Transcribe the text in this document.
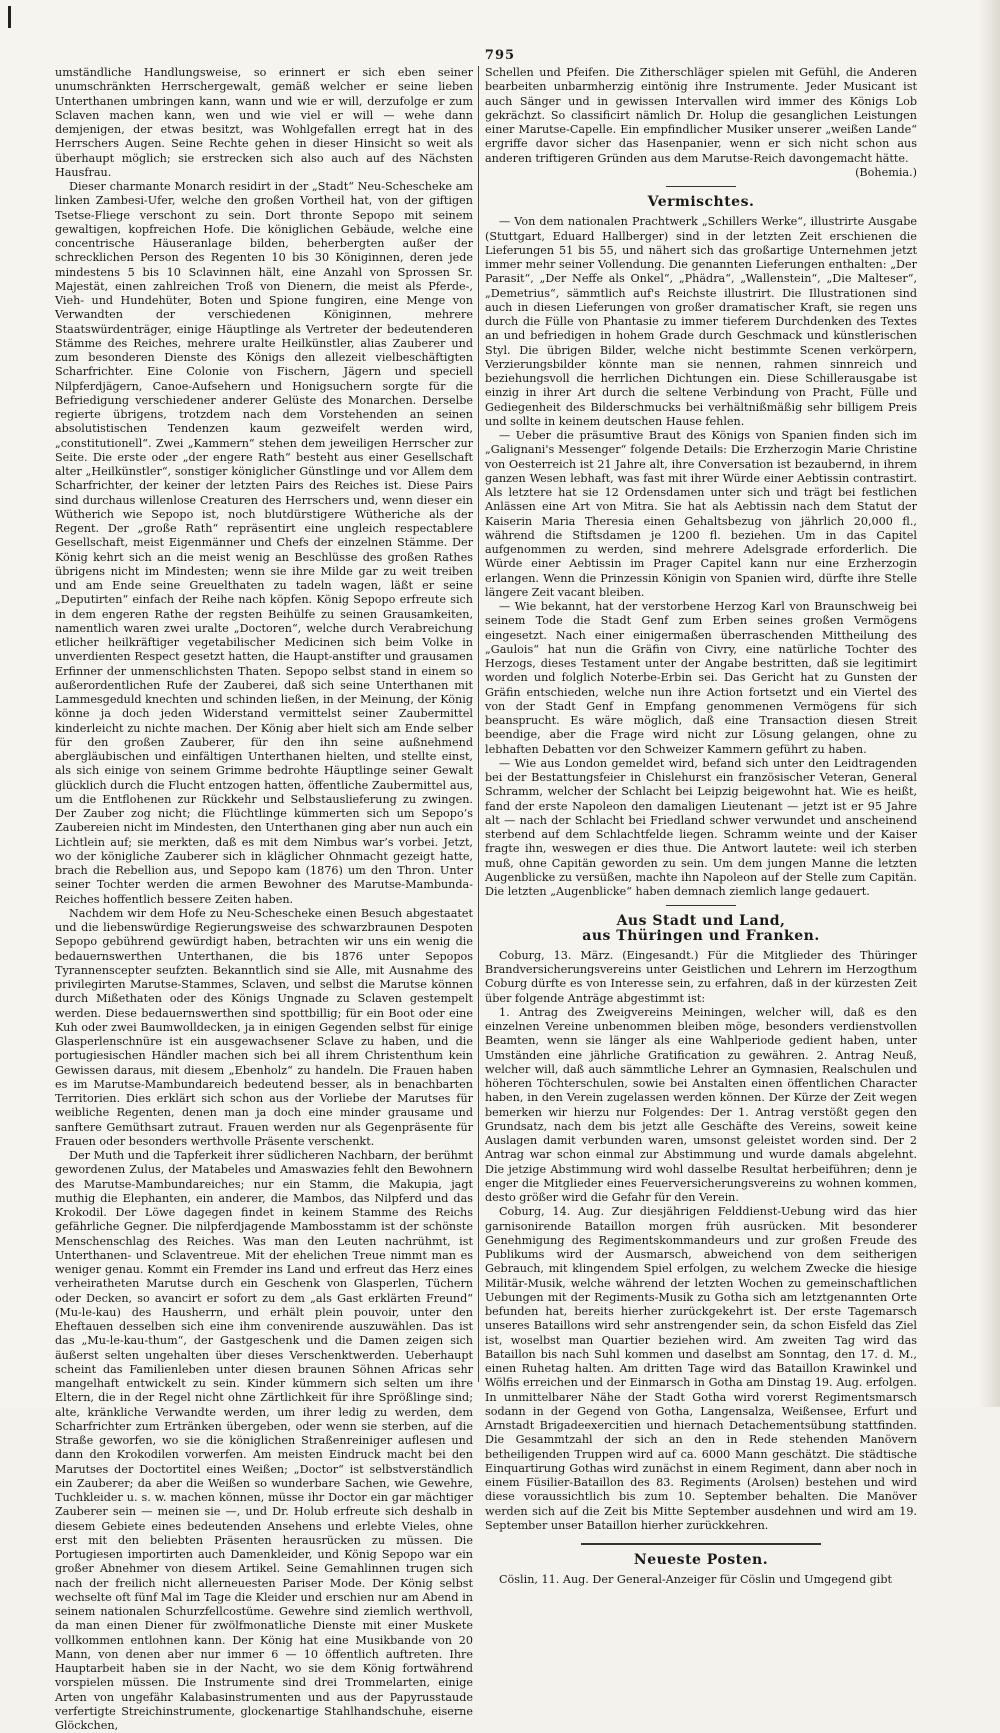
795

umständliche Handlungsweise, so erinnert er sich eben seiner unumschränkten Herrschergewalt, gemäß welcher er seine lieben Unterthanen umbringen kann, wann und wie er will, derzufolge er zum Sclaven machen kann, wen und wie viel er will — wehe dann demjenigen, der etwas besitzt, was Wohlgefallen erregt hat in des Herrschers Augen. Seine Rechte gehen in dieser Hinsicht so weit als überhaupt möglich; sie erstrecken sich also auch auf des Nächsten Hausfrau.

Dieser charmante Monarch residirt in der „Stadt“ Neu-Schescheke am linken Zambesi-Ufer, welche den großen Vortheil hat, von der giftigen Tsetse-Fliege verschont zu sein. Dort thronte Sepopo mit seinem gewaltigen, kopfreichen Hofe. Die königlichen Gebäude, welche eine concentrische Häuseranlage bilden, beherbergten außer der schrecklichen Person des Regenten 10 bis 30 Königinnen, deren jede mindestens 5 bis 10 Sclavinnen hält, eine Anzahl von Sprossen Sr. Majestät, einen zahlreichen Troß von Dienern, die meist als Pferde-, Vieh- und Hundehüter, Boten und Spione fungiren, eine Menge von Verwandten der verschiedenen Königinnen, mehrere Staatswürdenträger, einige Häuptlinge als Vertreter der bedeutenderen Stämme des Reiches, mehrere uralte Heilkünstler, alias Zauberer und zum besonderen Dienste des Königs den allezeit vielbeschäftigten Scharfrichter. Eine Colonie von Fischern, Jägern und speciell Nilpferdjägern, Canoe-Aufsehern und Honigsuchern sorgte für die Befriedigung verschiedener anderer Gelüste des Monarchen. Derselbe regierte übrigens, trotzdem nach dem Vorstehenden an seinen absolutistischen Tendenzen kaum gezweifelt werden wird, „constitutionell“. Zwei „Kammern“ stehen dem jeweiligen Herrscher zur Seite. Die erste oder „der engere Rath“ besteht aus einer Gesellschaft alter „Heilkünstler“, sonstiger königlicher Günstlinge und vor Allem dem Scharfrichter, der keiner der letzten Pairs des Reiches ist. Diese Pairs sind durchaus willenlose Creaturen des Herrschers und, wenn dieser ein Wütherich wie Sepopo ist, noch blutdürstigere Wütheriche als der Regent. Der „große Rath“ repräsentirt eine ungleich respectablere Gesellschaft, meist Eigenmänner und Chefs der einzelnen Stämme. Der König kehrt sich an die meist wenig an Beschlüsse des großen Rathes übrigens nicht im Mindesten; wenn sie ihre Milde gar zu weit treiben und am Ende seine Greuelthaten zu tadeln wagen, läßt er seine „Deputirten“ einfach der Reihe nach köpfen. König Sepopo erfreute sich in dem engeren Rathe der regsten Beihülfe zu seinen Grausamkeiten, namentlich waren zwei uralte „Doctoren“, welche durch Verabreichung etlicher heilkräftiger vegetabilischer Medicinen sich beim Volke in unverdienten Respect gesetzt hatten, die Haupt-anstifter und grausamen Erfinner der unmenschlichsten Thaten. Sepopo selbst stand in einem so außerordentlichen Rufe der Zauberei, daß sich seine Unterthanen mit Lammesgeduld knechten und schinden ließen, in der Meinung, der König könne ja doch jeden Widerstand vermittelst seiner Zaubermittel kinderleicht zu nichte machen. Der König aber hielt sich am Ende selber für den großen Zauberer, für den ihn seine außnehmend abergläubischen und einfältigen Unterthanen hielten, und stellte einst, als sich einige von seinem Grimme bedrohte Häuptlinge seiner Gewalt glücklich durch die Flucht entzogen hatten, öffentliche Zaubermittel aus, um die Entflohenen zur Rückkehr und Selbstauslieferung zu zwingen. Der Zauber zog nicht; die Flüchtlinge kümmerten sich um Sepopo’s Zaubereien nicht im Mindesten, den Unterthanen ging aber nun auch ein Lichtlein auf; sie merkten, daß es mit dem Nimbus war’s vorbei. Jetzt, wo der königliche Zauberer sich in kläglicher Ohnmacht gezeigt hatte, brach die Rebellion aus, und Sepopo kam (1876) um den Thron. Unter seiner Tochter werden die armen Bewohner des Marutse-Mambunda-Reiches hoffentlich bessere Zeiten haben.

Nachdem wir dem Hofe zu Neu-Schescheke einen Besuch abgestaatet und die liebenswürdige Regierungsweise des schwarzbraunen Despoten Sepopo gebührend gewürdigt haben, betrachten wir uns ein wenig die bedauernswerthen Unterthanen, die bis 1876 unter Sepopos Tyrannenscepter seufzten. Bekanntlich sind sie Alle, mit Ausnahme des privilegirten Marutse-Stammes, Sclaven, und selbst die Marutse können durch Mißethaten oder des Königs Ungnade zu Sclaven gestempelt werden. Diese bedauernswerthen sind spottbillig; für ein Boot oder eine Kuh oder zwei Baumwolldecken, ja in einigen Gegenden selbst für einige Glasperlenschnüre ist ein ausgewachsener Sclave zu haben, und die portugiesischen Händler machen sich bei all ihrem Christenthum kein Gewissen daraus, mit diesem „Ebenholz“ zu handeln. Die Frauen haben es im Marutse-Mambundareich bedeutend besser, als in benachbarten Territorien. Dies erklärt sich schon aus der Vorliebe der Marutses für weibliche Regenten, denen man ja doch eine minder grausame und sanftere Gemüthsart zutraut. Frauen werden nur als Gegenpräsente für Frauen oder besonders werthvolle Präsente verschenkt.

Der Muth und die Tapferkeit ihrer südlicheren Nachbarn, der berühmt gewordenen Zulus, der Matabeles und Amaswazies fehlt den Bewohnern des Marutse-Mambundareiches; nur ein Stamm, die Makupia, jagt muthig die Elephanten, ein anderer, die Mambos, das Nilpferd und das Krokodil. Der Löwe dagegen findet in keinem Stamme des Reichs gefährliche Gegner. Die nilpferdjagende Mambosstamm ist der schönste Menschenschlag des Reiches. Was man den Leuten nachrühmt, ist Unterthanen- und Sclaventreue. Mit der ehelichen Treue nimmt man es weniger genau. Kommt ein Fremder ins Land und erfreut das Herz eines verheiratheten Marutse durch ein Geschenk von Glasperlen, Tüchern oder Decken, so avancirt er sofort zu dem „als Gast erklärten Freund“ (Mu-le-kau) des Hausherrn, und erhält plein pouvoir, unter den Eheftauen desselben sich eine ihm convenirende auszuwählen. Das ist das „Mu-le-kau-thum“, der Gastgeschenk und die Damen zeigen sich äußerst selten ungehalten über dieses Verschenktwerden. Ueberhaupt scheint das Familienleben unter diesen braunen Söhnen Africas sehr mangelhaft entwickelt zu sein. Kinder kümmern sich selten um ihre Eltern, die in der Regel nicht ohne Zärtlichkeit für ihre Sprößlinge sind; alte, kränkliche Verwandte werden, um ihrer ledig zu werden, dem Scharfrichter zum Ertränken übergeben, oder wenn sie sterben, auf die Straße geworfen, wo sie die königlichen Straßenreiniger auflesen und dann den Krokodilen vorwerfen. Am meisten Eindruck macht bei den Marutses der Doctortitel eines Weißen; „Doctor“ ist selbstverständlich ein Zauberer; da aber die Weißen so wunderbare Sachen, wie Gewehre, Tuchkleider u. s. w. machen können, müsse ihr Doctor ein gar mächtiger Zauberer sein — meinen sie —, und Dr. Holub erfreute sich deshalb in diesem Gebiete eines bedeutenden Ansehens und erlebte Vieles, ohne erst mit den beliebten Präsenten herausrücken zu müssen. Die Portugiesen importirten auch Damenkleider, und König Sepopo war ein großer Abnehmer von diesem Artikel. Seine Gemahlinnen trugen sich nach der freilich nicht allerneuesten Pariser Mode. Der König selbst wechselte oft fünf Mal im Tage die Kleider und erschien nur am Abend in seinem nationalen Schurzfellcostüme. Gewehre sind ziemlich werthvoll, da man einen Diener für zwölfmonatliche Dienste mit einer Muskete vollkommen entlohnen kann. Der König hat eine Musikbande von 20 Mann, von denen aber nur immer 6 — 10 öffentlich auftreten. Ihre Hauptarbeit haben sie in der Nacht, wo sie dem König fortwährend vorspielen müssen. Die Instrumente sind drei Trommelarten, einige Arten von ungefähr Kalabasinstrumenten und aus der Papyrusstaude verfertigte Streichinstrumente, glockenartige Stahlhandschuhe, eiserne Glöckchen,

Schellen und Pfeifen. Die Zitherschläger spielen mit Gefühl, die Anderen bearbeiten unbarmherzig eintönig ihre Instrumente. Jeder Musicant ist auch Sänger und in gewissen Intervallen wird immer des Königs Lob gekrächzt. So classificirt nämlich Dr. Holup die gesanglichen Leistungen einer Marutse-Capelle. Ein empfindlicher Musiker unserer „weißen Lande“ ergriffe davor sicher das Hasenpanier, wenn er sich nicht schon aus anderen triftigeren Gründen aus dem Marutse-Reich davongemacht hätte.

(Bohemia.)
Vermischtes.

— Von dem nationalen Prachtwerk „Schillers Werke“, illustrirte Ausgabe (Stuttgart, Eduard Hallberger) sind in der letzten Zeit erschienen die Lieferungen 51 bis 55, und nähert sich das großartige Unternehmen jetzt immer mehr seiner Vollendung. Die genannten Lieferungen enthalten: „Der Parasit“, „Der Neffe als Onkel“, „Phädra“, „Wallenstein“, „Die Malteser“, „Demetrius“, sämmtlich auf's Reichste illustrirt. Die Illustrationen sind auch in diesen Lieferungen von großer dramatischer Kraft, sie regen uns durch die Fülle von Phantasie zu immer tieferem Durchdenken des Textes an und befriedigen in hohem Grade durch Geschmack und künstlerischen Styl. Die übrigen Bilder, welche nicht bestimmte Scenen verkörpern, Verzierungsbilder könnte man sie nennen, rahmen sinnreich und beziehungsvoll die herrlichen Dichtungen ein. Diese Schillerausgabe ist einzig in ihrer Art durch die seltene Verbindung von Pracht, Fülle und Gediegenheit des Bilderschmucks bei verhältnißmäßig sehr billigem Preis und sollte in keinem deutschen Hause fehlen.

— Ueber die präsumtive Braut des Königs von Spanien finden sich im „Galignani's Messenger“ folgende Details: Die Erzherzogin Marie Christine von Oesterreich ist 21 Jahre alt, ihre Conversation ist bezaubernd, in ihrem ganzen Wesen lebhaft, was fast mit ihrer Würde einer Aebtissin contrastirt. Als letztere hat sie 12 Ordensdamen unter sich und trägt bei festlichen Anlässen eine Art von Mitra. Sie hat als Aebtissin nach dem Statut der Kaiserin Maria Theresia einen Gehaltsbezug von jährlich 20,000 fl., während die Stiftsdamen je 1200 fl. beziehen. Um in das Capitel aufgenommen zu werden, sind mehrere Adelsgrade erforderlich. Die Würde einer Aebtissin im Prager Capitel kann nur eine Erzherzogin erlangen. Wenn die Prinzessin Königin von Spanien wird, dürfte ihre Stelle längere Zeit vacant bleiben.

— Wie bekannt, hat der verstorbene Herzog Karl von Braunschweig bei seinem Tode die Stadt Genf zum Erben seines großen Vermögens eingesetzt. Nach einer einigermaßen überraschenden Mittheilung des „Gaulois“ hat nun die Gräfin von Civry, eine natürliche Tochter des Herzogs, dieses Testament unter der Angabe bestritten, daß sie legitimirt worden und folglich Noterbe-Erbin sei. Das Gericht hat zu Gunsten der Gräfin entschieden, welche nun ihre Action fortsetzt und ein Viertel des von der Stadt Genf in Empfang genommenen Vermögens für sich beansprucht. Es wäre möglich, daß eine Transaction diesen Streit beendige, aber die Frage wird nicht zur Lösung gelangen, ohne zu lebhaften Debatten vor den Schweizer Kammern geführt zu haben.

— Wie aus London gemeldet wird, befand sich unter den Leidtragenden bei der Bestattungsfeier in Chislehurst ein französischer Veteran, General Schramm, welcher der Schlacht bei Leipzig beigewohnt hat. Wie es heißt, fand der erste Napoleon den damaligen Lieutenant — jetzt ist er 95 Jahre alt — nach der Schlacht bei Friedland schwer verwundet und anscheinend sterbend auf dem Schlachtfelde liegen. Schramm weinte und der Kaiser fragte ihn, weswegen er dies thue. Die Antwort lautete: weil ich sterben muß, ohne Capitän geworden zu sein. Um dem jungen Manne die letzten Augenblicke zu versüßen, machte ihn Napoleon auf der Stelle zum Capitän. Die letzten „Augenblicke“ haben demnach ziemlich lange gedauert.

Aus Stadt und Land,
aus Thüringen und Franken.

Coburg, 13. März. (Eingesandt.) Für die Mitglieder des Thüringer Brandversicherungsvereins unter Geistlichen und Lehrern im Herzogthum Coburg dürfte es von Interesse sein, zu erfahren, daß in der kürzesten Zeit über folgende Anträge abgestimmt ist:

1. Antrag des Zweigvereins Meiningen, welcher will, daß es den einzelnen Vereine unbenommen bleiben möge, besonders verdienstvollen Beamten, wenn sie länger als eine Wahlperiode gedient haben, unter Umständen eine jährliche Gratification zu gewähren. 2. Antrag Neuß, welcher will, daß auch sämmtliche Lehrer an Gymnasien, Realschulen und höheren Töchterschulen, sowie bei Anstalten einen öffentlichen Character haben, in den Verein zugelassen werden können. Der Kürze der Zeit wegen bemerken wir hierzu nur Folgendes: Der 1. Antrag verstößt gegen den Grundsatz, nach dem bis jetzt alle Geschäfte des Vereins, soweit keine Auslagen damit verbunden waren, umsonst geleistet worden sind. Der 2 Antrag war schon einmal zur Abstimmung und wurde damals abgelehnt. Die jetzige Abstimmung wird wohl dasselbe Resultat herbeiführen; denn je enger die Mitglieder eines Feuerversicherungsvereins zu wohnen kommen, desto größer wird die Gefahr für den Verein.

Coburg, 14. Aug. Zur diesjährigen Felddienst-Uebung wird das hier garnisonirende Bataillon morgen früh ausrücken. Mit besonderer Genehmigung des Regimentskommandeurs und zur großen Freude des Publikums wird der Ausmarsch, abweichend von dem seitherigen Gebrauch, mit klingendem Spiel erfolgen, zu welchem Zwecke die hiesige Militär-Musik, welche während der letzten Wochen zu gemeinschaftlichen Uebungen mit der Regiments-Musik zu Gotha sich am letztgenannten Orte befunden hat, bereits hierher zurückgekehrt ist. Der erste Tagemarsch unseres Bataillons wird sehr anstrengender sein, da schon Eisfeld das Ziel ist, woselbst man Quartier beziehen wird. Am zweiten Tag wird das Bataillon bis nach Suhl kommen und daselbst am Sonntag, den 17. d. M., einen Ruhetag halten. Am dritten Tage wird das Bataillon Krawinkel und Wölfis erreichen und der Einmarsch in Gotha am Dinstag 19. Aug. erfolgen. In unmittelbarer Nähe der Stadt Gotha wird vorerst Regimentsmarsch sodann in der Gegend von Gotha, Langensalza, Weißensee, Erfurt und Arnstadt Brigadeexercitien und hiernach Detachementsübung stattfinden. Die Gesammtzahl der sich an den in Rede stehenden Manövern betheiligenden Truppen wird auf ca. 6000 Mann geschätzt. Die städtische Einquartirung Gothas wird zunächst in einem Regiment, dann aber noch in einem Füsilier-Bataillon des 83. Regiments (Arolsen) bestehen und wird diese voraussichtlich bis zum 10. September behalten. Die Manöver werden sich auf die Zeit bis Mitte September ausdehnen und wird am 19. September unser Bataillon hierher zurückkehren.

Neueste Posten.

Cöslin, 11. Aug. Der General-Anzeiger für Cöslin und Umgegend gibt
